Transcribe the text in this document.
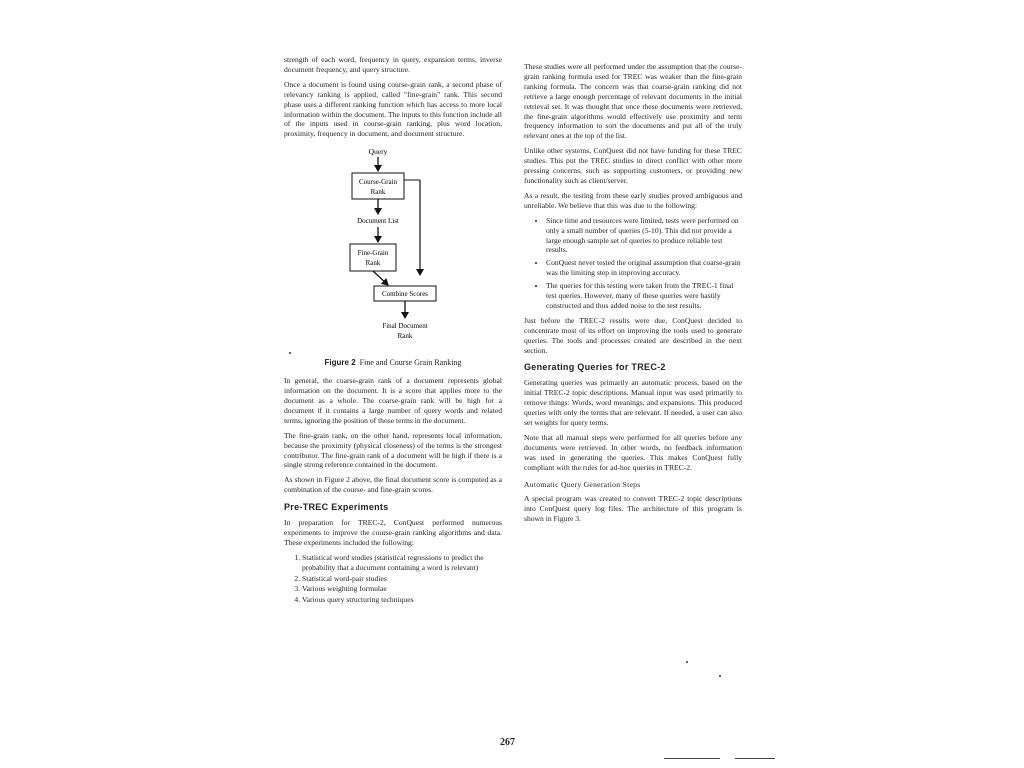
strength of each word, frequency in query, expansion terms, inverse document frequency, and query structure.

Once a document is found using course-grain rank, a second phase of relevancy ranking is applied, called "fine-grain" rank. This second phase uses a different ranking function which has access to more local information within the document. The inputs to this function include all of the inputs used in course-grain ranking, plus word location, proximity, frequency in document, and document structure.

Query
Course-Grain
Rank
Document List
Fine-Grain
Rank
Combine Scores
Final Document
Rank
Figure 2 Fine and Course Grain Ranking

In general, the coarse-grain rank of a document represents global information on the document. It is a score that applies more to the document as a whole. The coarse-grain rank will be high for a document if it contains a large number of query words and related terms, ignoring the position of those terms in the document.

The fine-grain rank, on the other hand, represents local information, because the proximity (physical closeness) of the terms is the strongest contributor. The fine-grain rank of a document will be high if there is a single strong reference contained in the document.

As shown in Figure 2 above, the final document score is computed as a combination of the course- and fine-grain scores.

Pre-TREC Experiments

In preparation for TREC-2, ConQuest performed numerous experiments to improve the course-grain ranking algorithms and data. These experiments included the following:

1. Statistical word studies (statistical regressions to predict the probability that a document containing a word is relevant)
2. Statistical word-pair studies
3. Various weighting formulae
4. Various query structuring techniques

These studies were all performed under the assumption that the course-grain ranking formula used for TREC was weaker than the fine-grain ranking formula. The concern was that coarse-grain ranking did not retrieve a large enough percentage of relevant documents in the initial retrieval set. It was thought that once these documents were retrieved, the fine-grain algorithms would effectively use proximity and term frequency information to sort the documents and put all of the truly relevant ones at the top of the list.

Unlike other systems, ConQuest did not have funding for these TREC studies. This put the TREC studies in direct conflict with other more pressing concerns, such as supporting customers, or providing new functionality such as client/server.

As a result, the testing from these early studies proved ambiguous and unreliable. We believe that this was due to the following:

• Since time and resources were limited, tests were performed on only a small number of queries (5-10). This did not provide a large enough sample set of queries to produce reliable test results.
• ConQuest never tested the original assumption that coarse-grain was the limiting step in improving accuracy.
• The queries for this testing were taken from the TREC-1 final test queries. However, many of these queries were hastily constructed and thus added noise to the test results.

Just before the TREC-2 results were due, ConQuest decided to concentrate most of its effort on improving the tools used to generate queries. The tools and processes created are described in the next section.

Generating Queries for TREC-2

Generating queries was primarily an automatic process, based on the initial TREC-2 topic descriptions. Manual input was used primarily to remove things: Words, word meanings, and expansions. This produced queries with only the terms that are relevant. If needed, a user can also set weights for query terms.

Note that all manual steps were performed for all queries before any documents were retrieved. In other words, no feedback information was used in generating the queries. This makes ConQuest fully compliant with the rules for ad-hoc queries in TREC-2.

Automatic Query Generation Steps

A special program was created to convert TREC-2 topic descriptions into ConQuest query log files. The architecture of this program is shown in Figure 3.

267
